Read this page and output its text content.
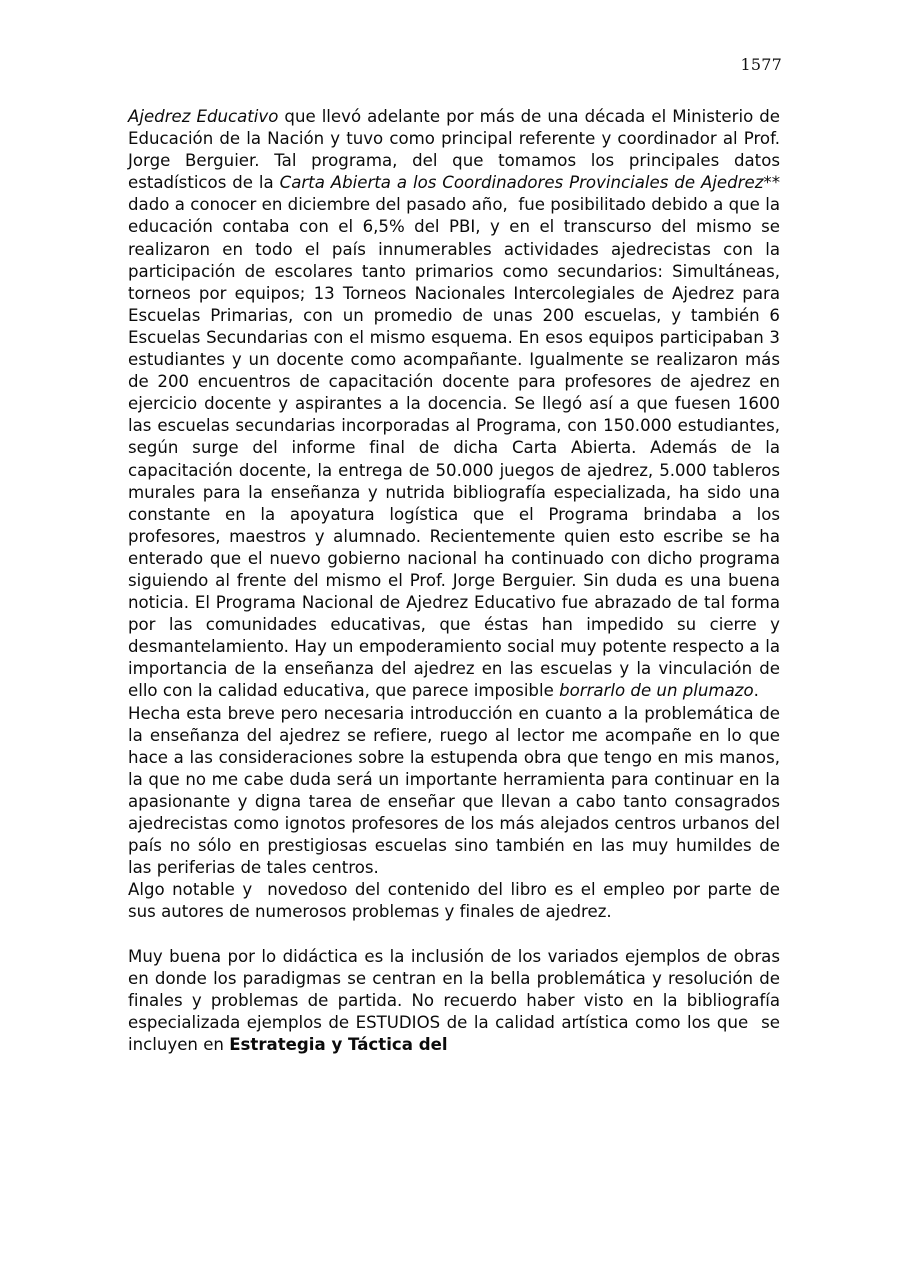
1577

Ajedrez Educativo que llevó adelante por más de una década el Ministerio de Educación de la Nación y tuvo como principal referente y coordinador al Prof. Jorge Berguier. Tal programa, del que tomamos los principales datos estadísticos de la Carta Abierta a los Coordinadores Provinciales de Ajedrez** dado a conocer en diciembre del pasado año,  fue posibilitado debido a que la educación contaba con el 6,5% del PBI, y en el transcurso del mismo se realizaron en todo el país innumerables actividades ajedrecistas con la participación de escolares tanto primarios como secundarios: Simultáneas, torneos por equipos; 13 Torneos Nacionales Intercolegiales de Ajedrez para Escuelas Primarias, con un promedio de unas 200 escuelas, y también 6 Escuelas Secundarias con el mismo esquema. En esos equipos participaban 3 estudiantes y un docente como acompañante. Igualmente se realizaron más de 200 encuentros de capacitación docente para profesores de ajedrez en ejercicio docente y aspirantes a la docencia. Se llegó así a que fuesen 1600 las escuelas secundarias incorporadas al Programa, con 150.000 estudiantes, según surge del informe final de dicha Carta Abierta. Además de la capacitación docente, la entrega de 50.000 juegos de ajedrez, 5.000 tableros murales para la enseñanza y nutrida bibliografía especializada, ha sido una constante en la apoyatura logística que el Programa brindaba a los profesores, maestros y alumnado. Recientemente quien esto escribe se ha enterado que el nuevo gobierno nacional ha continuado con dicho programa siguiendo al frente del mismo el Prof. Jorge Berguier. Sin duda es una buena noticia. El Programa Nacional de Ajedrez Educativo fue abrazado de tal forma por las comunidades educativas, que éstas han impedido su cierre y desmantelamiento. Hay un empoderamiento social muy potente respecto a la importancia de la enseñanza del ajedrez en las escuelas y la vinculación de ello con la calidad educativa, que parece imposible borrarlo de un plumazo.

Hecha esta breve pero necesaria introducción en cuanto a la problemática de la enseñanza del ajedrez se refiere, ruego al lector me acompañe en lo que hace a las consideraciones sobre la estupenda obra que tengo en mis manos, la que no me cabe duda será un importante herramienta para continuar en la apasionante y digna tarea de enseñar que llevan a cabo tanto consagrados ajedrecistas como ignotos profesores de los más alejados centros urbanos del país no sólo en prestigiosas escuelas sino también en las muy humildes de las periferias de tales centros.

Algo notable y  novedoso del contenido del libro es el empleo por parte de sus autores de numerosos problemas y finales de ajedrez.

Muy buena por lo didáctica es la inclusión de los variados ejemplos de obras en donde los paradigmas se centran en la bella problemática y resolución de finales y problemas de partida. No recuerdo haber visto en la bibliografía especializada ejemplos de ESTUDIOS de la calidad artística como los que  se incluyen en Estrategia y Táctica del
